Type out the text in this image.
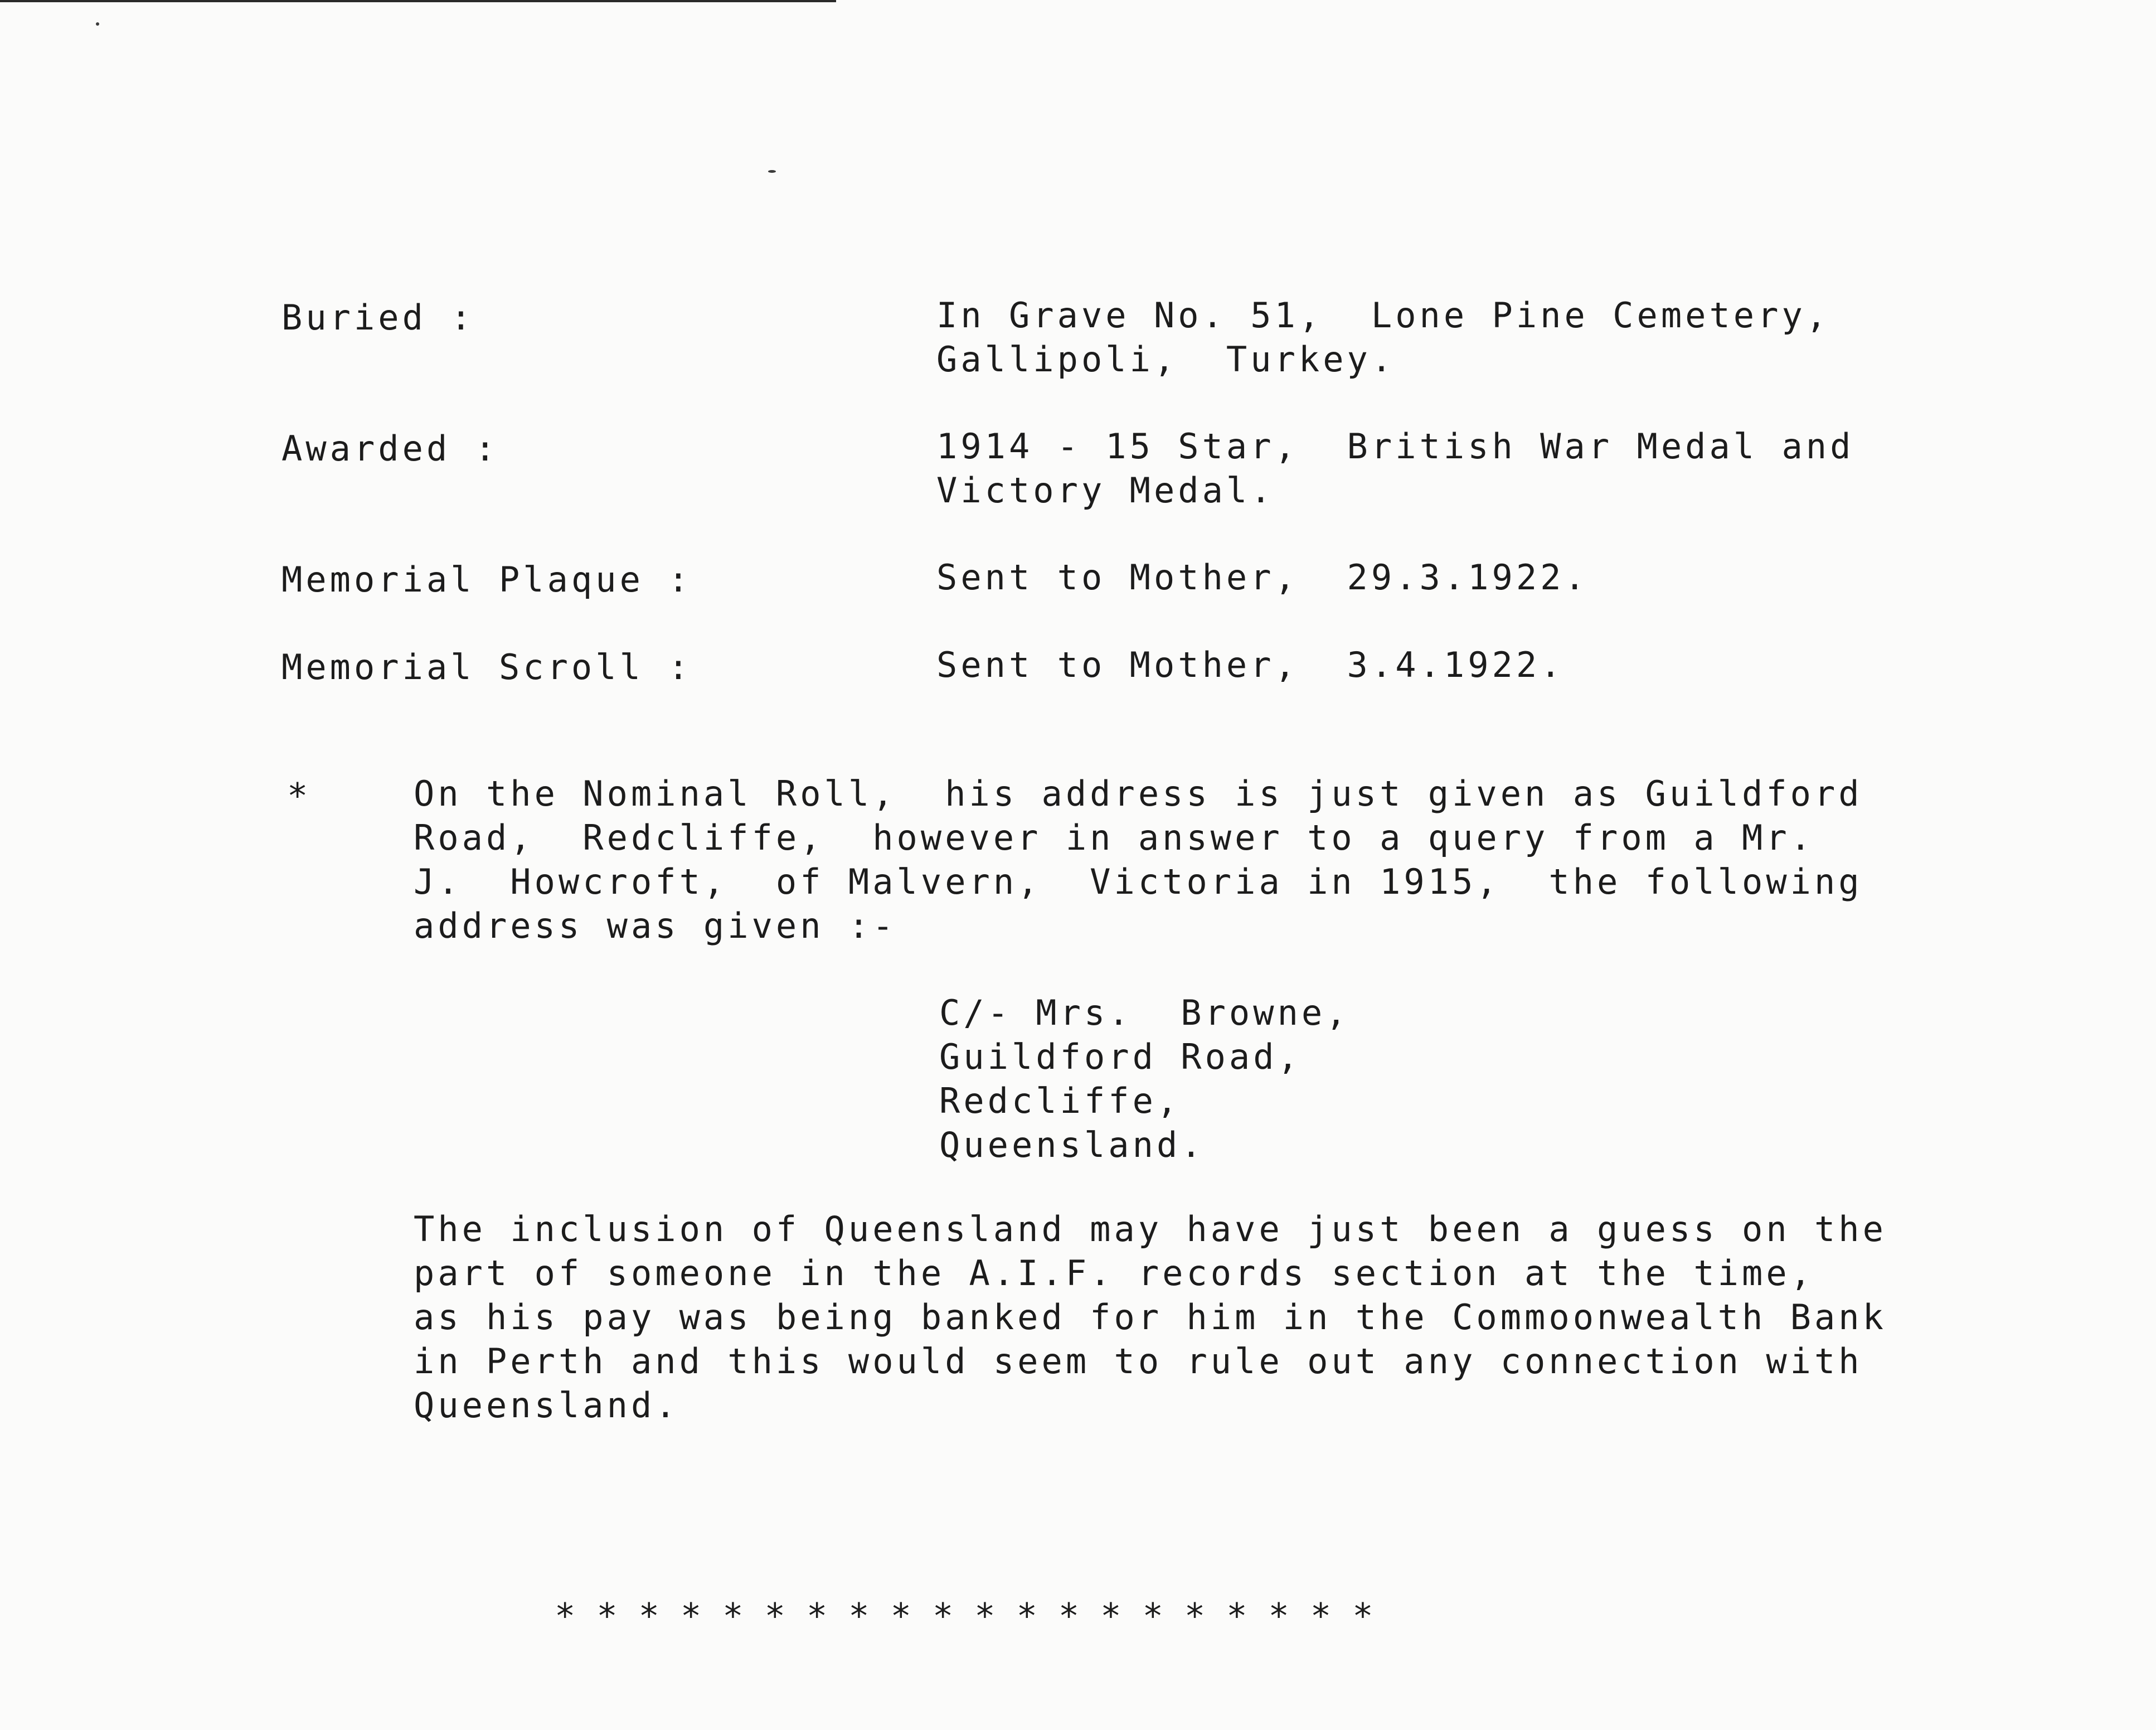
Buried :	In Grave No. 51,  Lone Pine Cemetery,
Gallipoli,  Turkey.
Awarded :	1914 - 15 Star,  British War Medal and
Victory Medal.
Memorial Plaque :	Sent to Mother,  29.3.1922.
Memorial Scroll :	Sent to Mother,  3.4.1922.
*	On the Nominal Roll,  his address is just given as Guildford
Road,  Redcliffe,  however in answer to a query from a Mr.
J.  Howcroft,  of Malvern,  Victoria in 1915,  the following
address was given :-
C/- Mrs.  Browne,
Guildford Road,
Redcliffe,
Queensland.
The inclusion of Queensland may have just been a guess on the
part of someone in the A.I.F. records section at the time,
as his pay was being banked for him in the Commoonwealth Bank
in Perth and this would seem to rule out any connection with
Queensland.
********************
